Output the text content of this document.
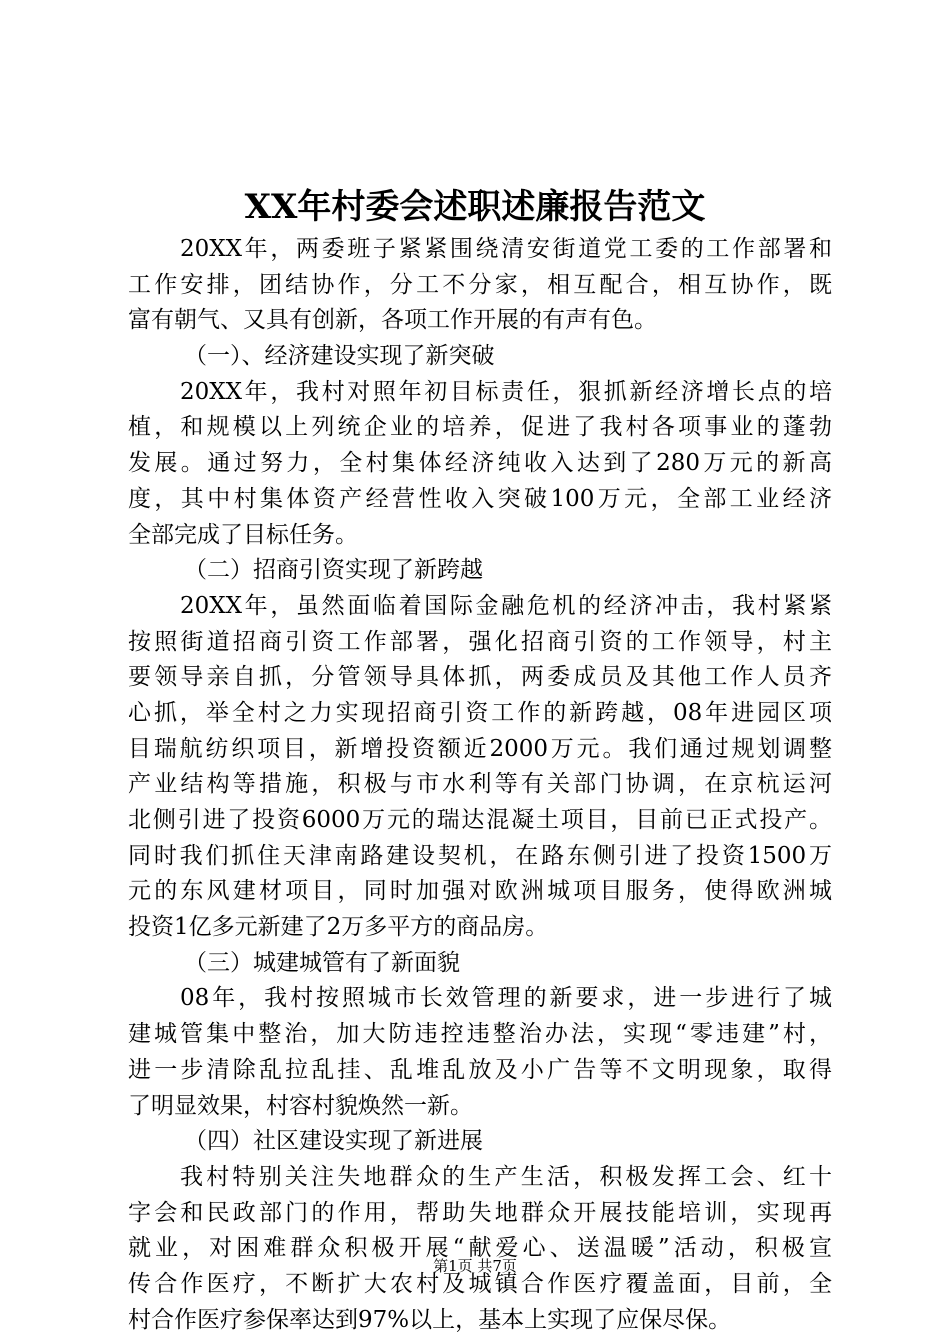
XX年村委会述职述廉报告范文
20XX年，两委班子紧紧围绕清安街道党工委的工作部署和
工作安排，团结协作，分工不分家，相互配合，相互协作，既
富有朝气、又具有创新，各项工作开展的有声有色。
（一）、经济建设实现了新突破
20XX年，我村对照年初目标责任，狠抓新经济增长点的培
植，和规模以上列统企业的培养，促进了我村各项事业的蓬勃
发展。通过努力，全村集体经济纯收入达到了280万元的新高
度，其中村集体资产经营性收入突破100万元，全部工业经济
全部完成了目标任务。
（二）招商引资实现了新跨越
20XX年，虽然面临着国际金融危机的经济冲击，我村紧紧
按照街道招商引资工作部署，强化招商引资的工作领导，村主
要领导亲自抓，分管领导具体抓，两委成员及其他工作人员齐
心抓，举全村之力实现招商引资工作的新跨越，08年进园区项
目瑞航纺织项目，新增投资额近2000万元。我们通过规划调整
产业结构等措施，积极与市水利等有关部门协调，在京杭运河
北侧引进了投资6000万元的瑞达混凝土项目，目前已正式投产。
同时我们抓住天津南路建设契机，在路东侧引进了投资1500万
元的东风建材项目，同时加强对欧洲城项目服务，使得欧洲城
投资1亿多元新建了2万多平方的商品房。
（三）城建城管有了新面貌
08年，我村按照城市长效管理的新要求，进一步进行了城
建城管集中整治，加大防违控违整治办法，实现“零违建”村，
进一步清除乱拉乱挂、乱堆乱放及小广告等不文明现象，取得
了明显效果，村容村貌焕然一新。
（四）社区建设实现了新进展
我村特别关注失地群众的生产生活，积极发挥工会、红十
字会和民政部门的作用，帮助失地群众开展技能培训，实现再
就业，对困难群众积极开展“献爱心、送温暖”活动，积极宣
传合作医疗，不断扩大农村及城镇合作医疗覆盖面，目前，全
村合作医疗参保率达到97%以上，基本上实现了应保尽保。
第1页 共7页
